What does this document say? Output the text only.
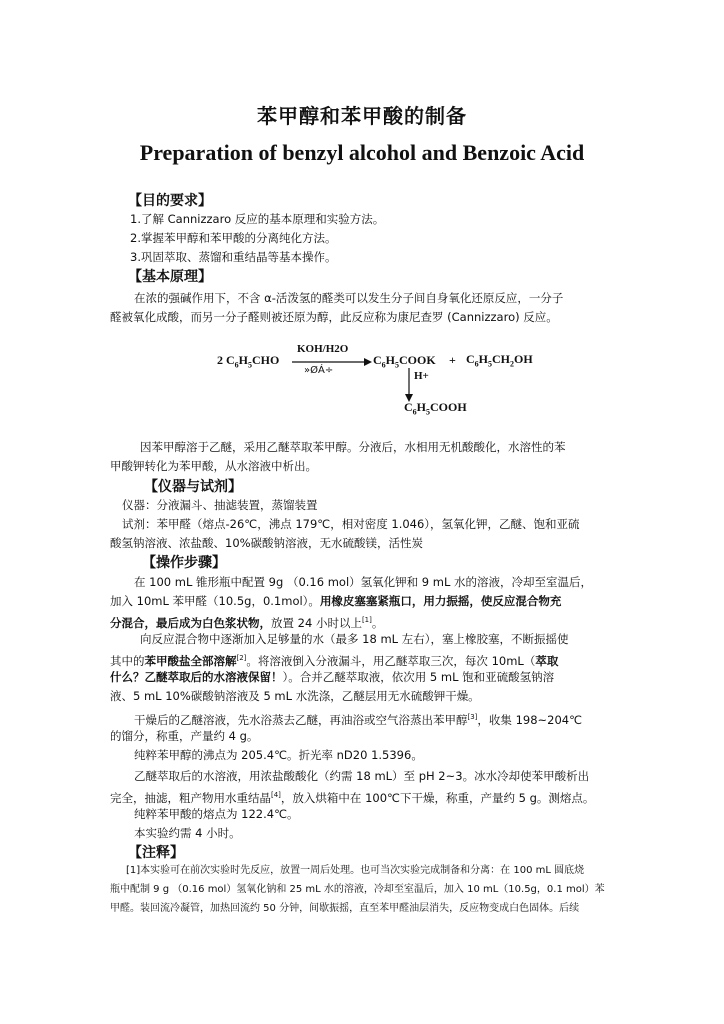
苯甲醇和苯甲酸的制备
Preparation of benzyl alcohol and Benzoic Acid
【目的要求】
1.了解 Cannizzaro 反应的基本原理和实验方法。
2.掌握苯甲醇和苯甲酸的分离纯化方法。
3.巩固萃取、蒸馏和重结晶等基本操作。
【基本原理】
在浓的强碱作用下，不含 α-活泼氢的醛类可以发生分子间自身氧化还原反应，一分子
醛被氧化成酸，而另一分子醛则被还原为醇，此反应称为康尼查罗 (Cannizzaro) 反应。
2 $C_6H_5CHO$
KOH/H2O
»ØÁ÷
$C_6H_5COOK + C_6H_5CH_2OH$
H+
$C_6H_5COOH$
因苯甲醇溶于乙醚，采用乙醚萃取苯甲醇。分液后，水相用无机酸酸化，水溶性的苯
甲酸钾转化为苯甲酸，从水溶液中析出。
【仪器与试剂】
仪器：分液漏斗、抽滤装置，蒸馏装置
试剂：苯甲醛（熔点-26℃，沸点 179℃，相对密度 1.046），氢氧化钾，乙醚、饱和亚硫
酸氢钠溶液、浓盐酸、10%碳酸钠溶液，无水硫酸镁，活性炭
【操作步骤】
在 100 mL 锥形瓶中配置 9g （0.16 mol）氢氧化钾和 9 mL 水的溶液，冷却至室温后，
加入 10mL 苯甲醛（10.5g，0.1mol）。用橡皮塞塞紧瓶口，用力振摇，使反应混合物充
分混合，最后成为白色浆状物，放置 24 小时以上[1]。
向反应混合物中逐渐加入足够量的水（最多 18 mL 左右），塞上橡胶塞，不断振摇使
其中的苯甲酸盐全部溶解[2]。将溶液倒入分液漏斗，用乙醚萃取三次，每次 10mL（萃取
什么？乙醚萃取后的水溶液保留！）。合并乙醚萃取液，依次用 5 mL 饱和亚硫酸氢钠溶
液、5 mL 10%碳酸钠溶液及 5 mL 水洗涤，乙醚层用无水硫酸钾干燥。
干燥后的乙醚溶液，先水浴蒸去乙醚，再油浴或空气浴蒸出苯甲醇[3]，收集 198~204℃
的馏分，称重，产量约 4 g。
纯粹苯甲醇的沸点为 205.4℃。折光率 nD20 1.5396。
乙醚萃取后的水溶液，用浓盐酸酸化（约需 18 mL）至 pH 2~3。冰水冷却使苯甲酸析出
完全，抽滤，粗产物用水重结晶[4]，放入烘箱中在 100℃下干燥，称重，产量约 5 g。测熔点。
纯粹苯甲酸的熔点为 122.4℃。
本实验约需 4 小时。
【注释】
[1]本实验可在前次实验时先反应，放置一周后处理。也可当次实验完成制备和分离：在 100 mL 圆底烧
瓶中配制 9 g （0.16 mol）氢氧化钠和 25 mL 水的溶液，冷却至室温后，加入 10 mL（10.5g，0.1 mol）苯
甲醛。装回流冷凝管，加热回流约 50 分钟，间歇振摇，直至苯甲醛油层消失，反应物变成白色固体。后续
